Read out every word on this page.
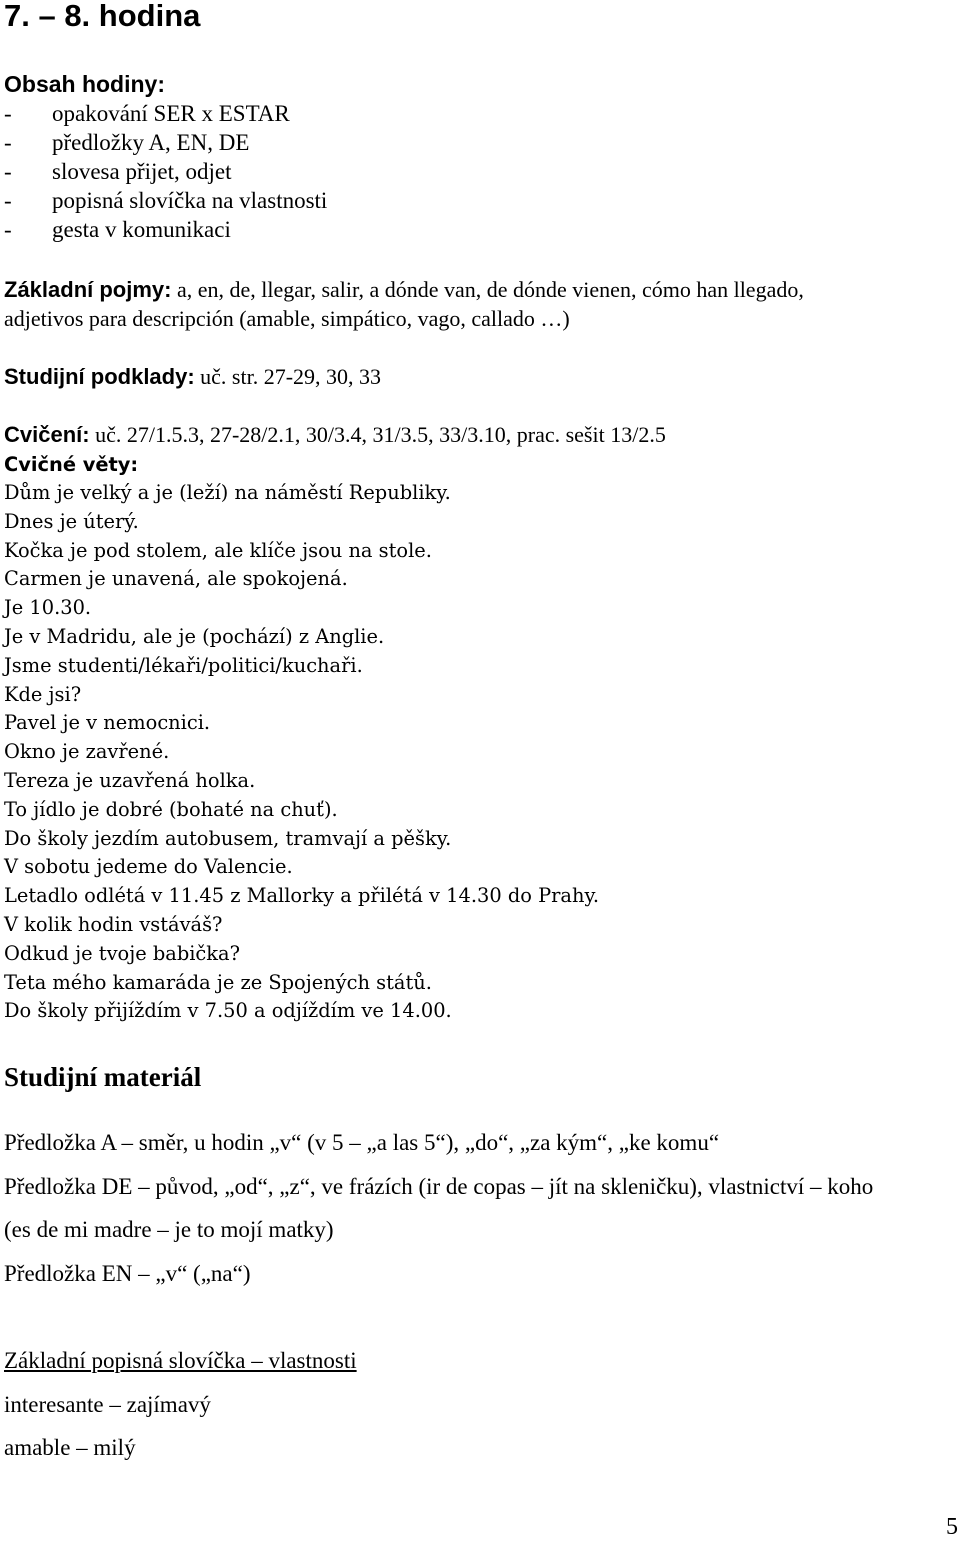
7. – 8. hodina
Obsah hodiny:
- opakování SER x ESTAR
- předložky A, EN, DE
- slovesa přijet, odjet
- popisná slovíčka na vlastnosti
- gesta v komunikaci
Základní pojmy: a, en, de, llegar, salir, a dónde van, de dónde vienen, cómo han llegado,
adjetivos para descripción (amable, simpático, vago, callado …)
Studijní podklady: uč. str. 27-29, 30, 33
Cvičení: uč. 27/1.5.3, 27-28/2.1, 30/3.4, 31/3.5, 33/3.10, prac. sešit 13/2.5
Cvičné věty:
Dům je velký a je (leží) na náměstí Republiky.
Dnes je úterý.
Kočka je pod stolem, ale klíče jsou na stole.
Carmen je unavená, ale spokojená.
Je 10.30.
Je v Madridu, ale je (pochází) z Anglie.
Jsme studenti/lékaři/politici/kuchaři.
Kde jsi?
Pavel je v nemocnici.
Okno je zavřené.
Tereza je uzavřená holka.
To jídlo je dobré (bohaté na chuť).
Do školy jezdím autobusem, tramvají a pěšky.
V sobotu jedeme do Valencie.
Letadlo odlétá v 11.45 z Mallorky a přilétá v 14.30 do Prahy.
V kolik hodin vstáváš?
Odkud je tvoje babička?
Teta mého kamaráda je ze Spojených států.
Do školy přijíždím v 7.50 a odjíždím ve 14.00.
Studijní materiál
Předložka A – směr, u hodin „v“ (v 5 – „a las 5“), „do“, „za kým“, „ke komu“
Předložka DE – původ, „od“, „z“, ve frázích (ir de copas – jít na skleničku), vlastnictví – koho
(es de mi madre – je to mojí matky)
Předložka EN – „v“ („na“)
Základní popisná slovíčka – vlastnosti
interesante – zajímavý
amable – milý
5
